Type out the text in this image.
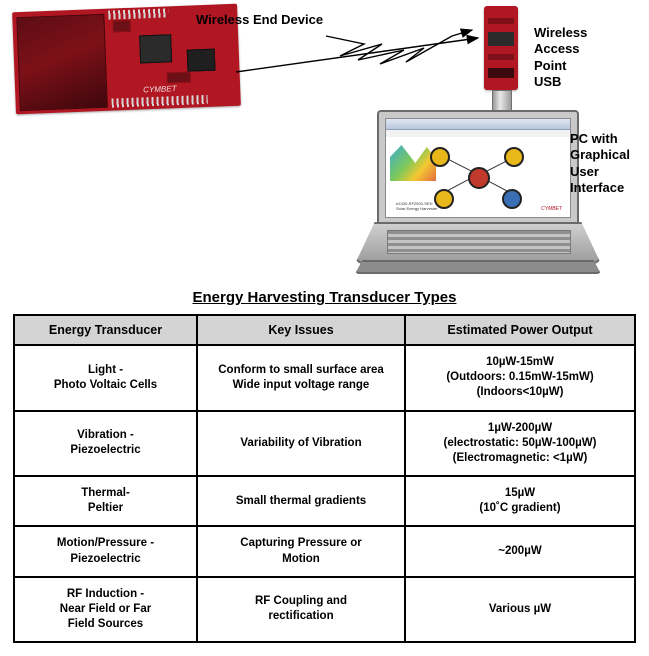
CYMBET
eZ430-RF2500-SEH
Solar Energy Harvester	CYMBET
Wireless End Device
Wireless
Access
Point
USB
PC with
Graphical
User
Interface
Energy Harvesting Transducer Types
Energy Transducer	Key Issues	Estimated Power Output

Light -
Photo Voltaic Cells	Conform to small surface area
Wide input voltage range	10µW-15mW
(Outdoors: 0.15mW-15mW)
(Indoors<10µW)

Vibration -
Piezoelectric	Variability of Vibration	1µW-200µW
(electrostatic: 50µW-100µW)
(Electromagnetic: <1µW)

Thermal-
Peltier	Small thermal gradients	15µW
(10˚C gradient)

Motion/Pressure -
Piezoelectric	Capturing Pressure or
Motion	~200µW

RF Induction -
Near Field or Far
Field Sources	RF Coupling and
rectification	Various µW
